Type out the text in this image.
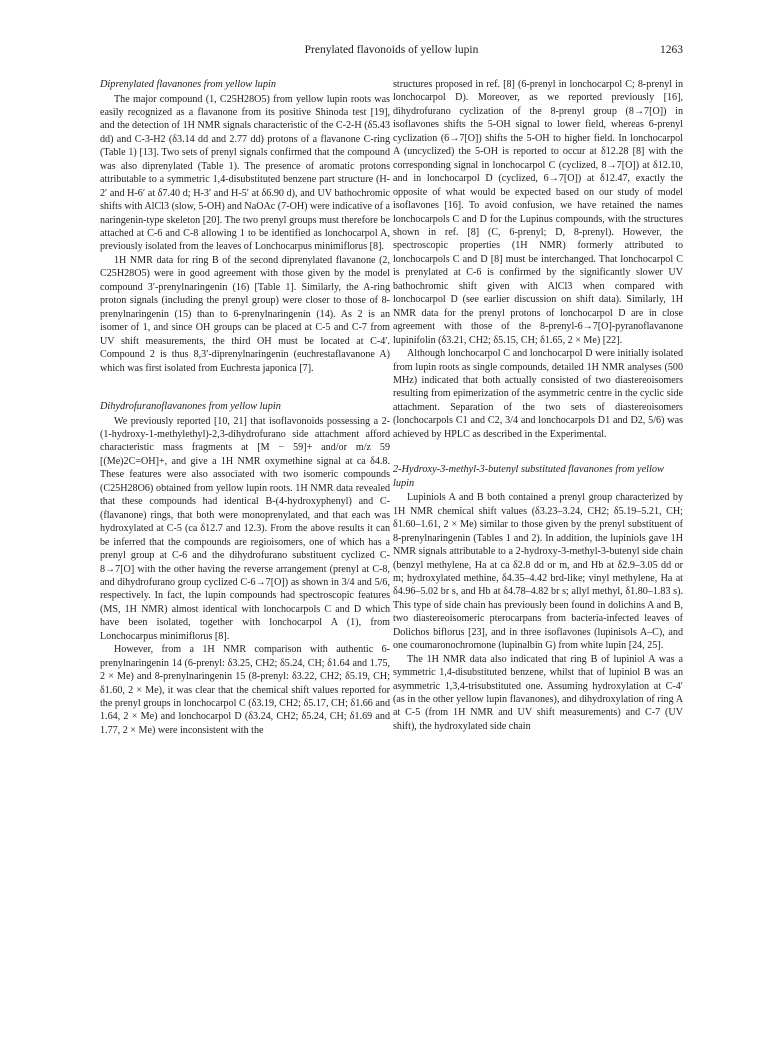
Prenylated flavonoids of yellow lupin	1263
Diprenylated flavanones from yellow lupin

The major compound (1, C25H28O5) from yellow lupin roots was easily recognized as a flavanone from its positive Shinoda test [19], and the detection of 1H NMR signals characteristic of the C-2-H (δ5.43 dd) and C-3-H2 (δ3.14 dd and 2.77 dd) protons of a flavanone C-ring (Table 1) [13]. Two sets of prenyl signals confirmed that the compound was also diprenylated (Table 1). The presence of aromatic protons attributable to a symmetric 1,4-disubstituted benzene part structure (H-2′ and H-6′ at δ7.40 d; H-3′ and H-5′ at δ6.90 d), and UV bathochromic shifts with AlCl3 (slow, 5-OH) and NaOAc (7-OH) were indicative of a naringenin-type skeleton [20]. The two prenyl groups must therefore be attached at C-6 and C-8 allowing 1 to be identified as lonchocarpol A, previously isolated from the leaves of Lonchocarpus minimiflorus [8].

1H NMR data for ring B of the second diprenylated flavanone (2, C25H28O5) were in good agreement with those given by the model compound 3′-prenylnaringenin (16) [Table 1]. Similarly, the A-ring proton signals (including the prenyl group) were closer to those of 8-prenylnaringenin (15) than to 6-prenylnaringenin (14). As 2 is an isomer of 1, and since OH groups can be placed at C-5 and C-7 from UV shift measurements, the third OH must be located at C-4′. Compound 2 is thus 8,3′-diprenylnaringenin (euchrestaflavanone A) which was first isolated from Euchresta japonica [7].

Dihydrofuranoflavanones from yellow lupin

We previously reported [10, 21] that isoflavonoids possessing a 2-(1-hydroxy-1-methylethyl)-2,3-dihydrofurano side attachment afford characteristic mass fragments at [M − 59]+ and/or m/z 59 [(Me)2C=OH]+, and give a 1H NMR oxymethine signal at ca δ4.8. These features were also associated with two isomeric compounds (C25H28O6) obtained from yellow lupin roots. 1H NMR data revealed that these compounds had identical B-(4-hydroxyphenyl) and C-(flavanone) rings, that both were monoprenylated, and that each was hydroxylated at C-5 (ca δ12.7 and 12.3). From the above results it can be inferred that the compounds are regioisomers, one of which has a prenyl group at C-6 and the dihydrofurano substituent cyclized C-8→7[O] with the other having the reverse arrangement (prenyl at C-8, and dihydrofurano group cyclized C-6→7[O]) as shown in 3/4 and 5/6, respectively. In fact, the lupin compounds had spectroscopic features (MS, 1H NMR) almost identical with lonchocarpols C and D which have been isolated, together with lonchocarpol A (1), from Lonchocarpus minimiflorus [8].

However, from a 1H NMR comparison with authentic 6-prenylnaringenin 14 (6-prenyl: δ3.25, CH2; δ5.24, CH; δ1.64 and 1.75, 2 × Me) and 8-prenylnaringenin 15 (8-prenyl: δ3.22, CH2; δ5.19, CH; δ1.60, 2 × Me), it was clear that the chemical shift values reported for the prenyl groups in lonchocarpol C (δ3.19, CH2; δ5.17, CH; δ1.66 and 1.64, 2 × Me) and lonchocarpol D (δ3.24, CH2; δ5.24, CH; δ1.69 and 1.77, 2 × Me) were inconsistent with the

structures proposed in ref. [8] (6-prenyl in lonchocarpol C; 8-prenyl in lonchocarpol D). Moreover, as we reported previously [16], dihydrofurano cyclization of the 8-prenyl group (8→7[O]) in isoflavones shifts the 5-OH signal to lower field, whereas 6-prenyl cyclization (6→7[O]) shifts the 5-OH to higher field. In lonchocarpol A (uncyclized) the 5-OH is reported to occur at δ12.28 [8] with the corresponding signal in lonchocarpol C (cyclized, 8→7[O]) at δ12.10, and in lonchocarpol D (cyclized, 6→7[O]) at δ12.47, exactly the opposite of what would be expected based on our study of model isoflavones [16]. To avoid confusion, we have retained the names lonchocarpols C and D for the Lupinus compounds, with the structures shown in ref. [8] (C, 6-prenyl; D, 8-prenyl). However, the spectroscopic properties (1H NMR) formerly attributed to lonchocarpols C and D [8] must be interchanged. That lonchocarpol C is prenylated at C-6 is confirmed by the significantly slower UV bathochromic shift given with AlCl3 when compared with lonchocarpol D (see earlier discussion on shift data). Similarly, 1H NMR data for the prenyl protons of lonchocarpol D are in close agreement with those of the 8-prenyl-6→7[O]-pyranoflavanone lupinifolin (δ3.21, CH2; δ5.15, CH; δ1.65, 2 × Me) [22].

Although lonchocarpol C and lonchocarpol D were initially isolated from lupin roots as single compounds, detailed 1H NMR analyses (500 MHz) indicated that both actually consisted of two diastereoisomers resulting from epimerization of the asymmetric centre in the cyclic side attachment. Separation of the two sets of diastereoisomers (lonchocarpols C1 and C2, 3/4 and lonchocarpols D1 and D2, 5/6) was achieved by HPLC as described in the Experimental.

2-Hydroxy-3-methyl-3-butenyl substituted flavanones from yellow lupin

Lupiniols A and B both contained a prenyl group characterized by 1H NMR chemical shift values (δ3.23–3.24, CH2; δ5.19–5.21, CH; δ1.60–1.61, 2 × Me) similar to those given by the prenyl substituent of 8-prenylnaringenin (Tables 1 and 2). In addition, the lupiniols gave 1H NMR signals attributable to a 2-hydroxy-3-methyl-3-butenyl side chain (benzyl methylene, Ha at ca δ2.8 dd or m, and Hb at δ2.9–3.05 dd or m; hydroxylated methine, δ4.35–4.42 brd-like; vinyl methylene, Ha at δ4.96–5.02 br s, and Hb at δ4.78–4.82 br s; allyl methyl, δ1.80–1.83 s). This type of side chain has previously been found in dolichins A and B, two diastereoisomeric pterocarpans from bacteria-infected leaves of Dolichos biflorus [23], and in three isoflavones (lupinisols A–C), and one coumaronochromone (lupinalbin G) from white lupin [24, 25].

The 1H NMR data also indicated that ring B of lupiniol A was a symmetric 1,4-disubstituted benzene, whilst that of lupiniol B was an asymmetric 1,3,4-trisubstituted one. Assuming hydroxylation at C-4′ (as in the other yellow lupin flavanones), and dihydroxylation of ring A at C-5 (from 1H NMR and UV shift measurements) and C-7 (UV shift), the hydroxylated side chain
